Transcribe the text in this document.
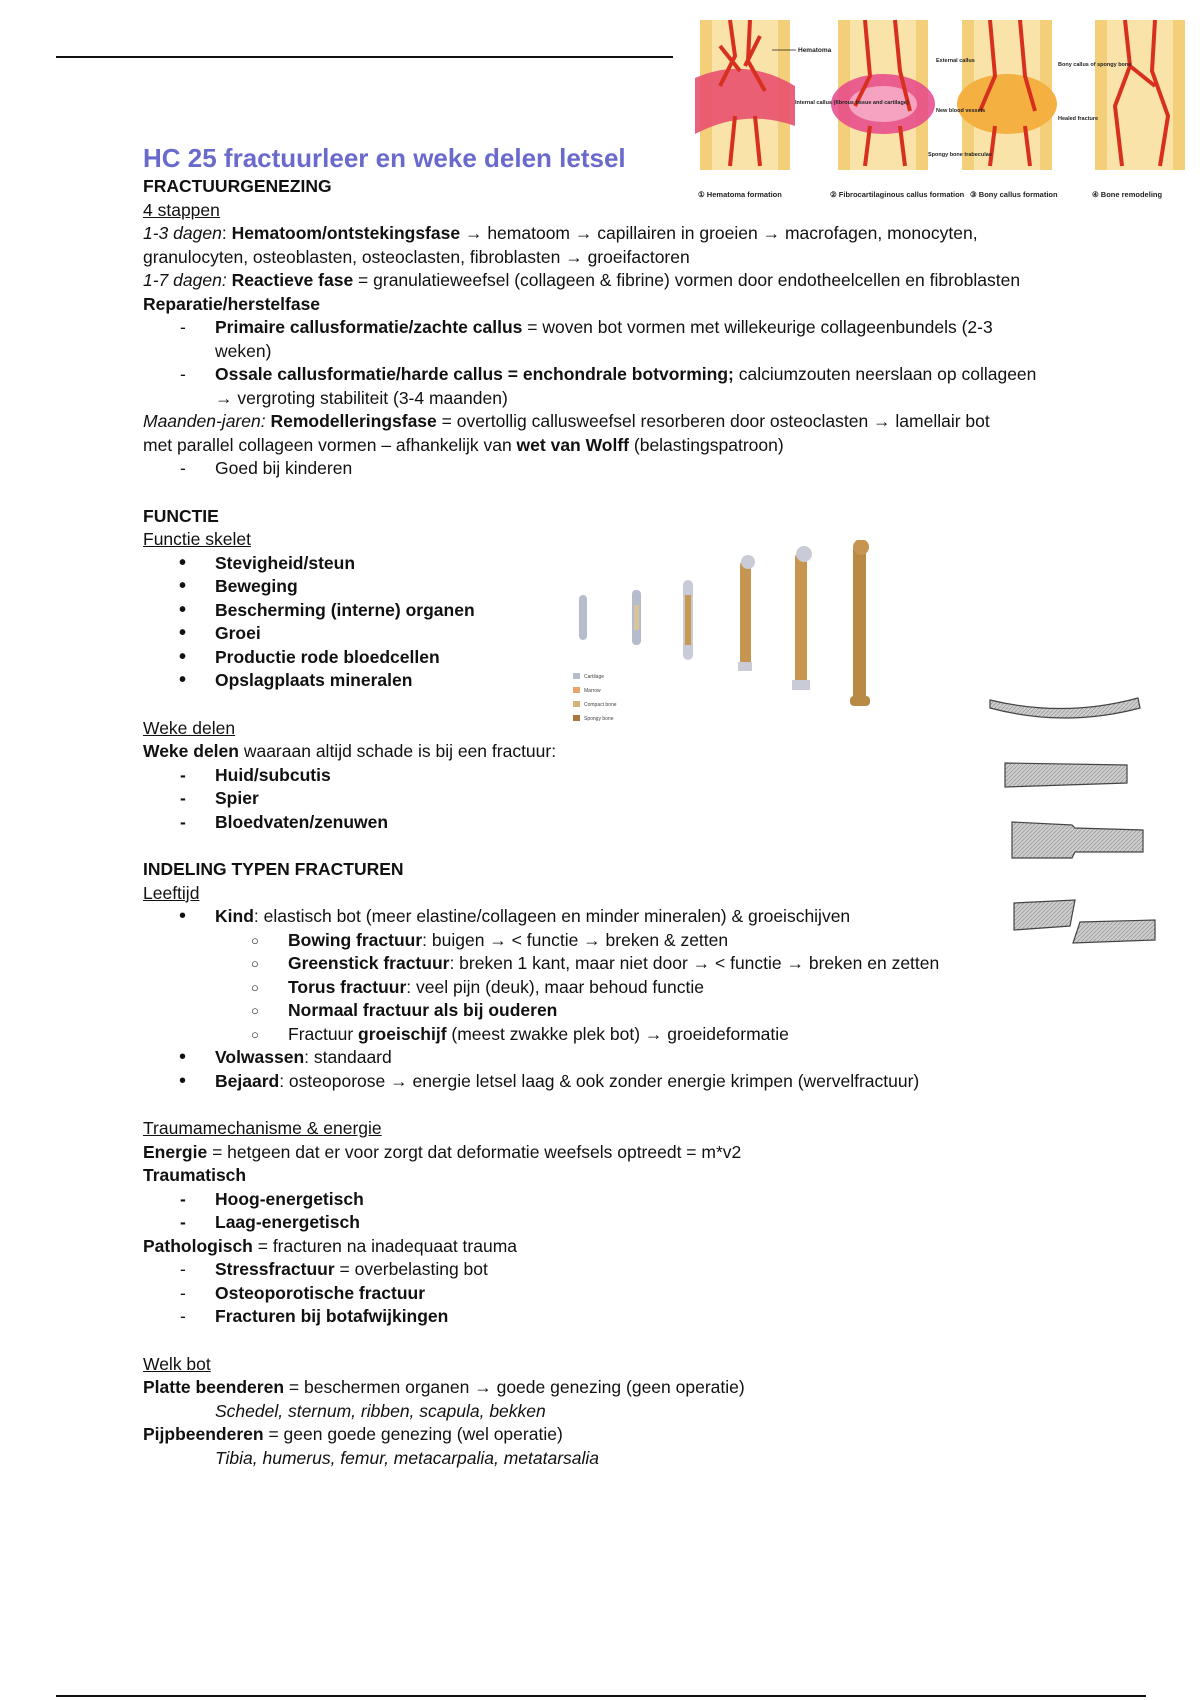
Hematoma
Internal callus (fibrous tissue and cartilage)
External callus
New blood vessels
Spongy bone trabeculae
Bony callus of spongy bone
Healed fracture
① Hematoma formation	② Fibrocartilaginous callus formation ③ Bony callus formation	④ Bone remodeling
Cartilage
Marrow
Compact bone
Spongy bone
HC 25 fractuurleer en weke delen letsel

FRACTUURGENEZING

4 stappen

1-3 dagen: Hematoom/ontstekingsfase → hematoom → capillairen in groeien → macrofagen, monocyten, granulocyten, osteoblasten, osteoclasten, fibroblasten → groeifactoren

1-7 dagen: Reactieve fase = granulatieweefsel (collageen & fibrine) vormen door endotheelcellen en fibroblasten

Reparatie/herstelfase

- Primaire callusformatie/zachte callus = woven bot vormen met willekeurige collageenbundels (2-3 weken)
- Ossale callusformatie/harde callus = enchondrale botvorming; calciumzouten neerslaan op collageen → vergroting stabiliteit (3-4 maanden)

Maanden-jaren: Remodelleringsfase = overtollig callusweefsel resorberen door osteoclasten → lamellair bot met parallel collageen vormen – afhankelijk van wet van Wolff (belastingspatroon)

- Goed bij kinderen

FUNCTIE

Functie skelet

• Stevigheid/steun
• Beweging
• Bescherming (interne) organen
• Groei
• Productie rode bloedcellen
• Opslagplaats mineralen

Weke delen

Weke delen waaraan altijd schade is bij een fractuur:

- Huid/subcutis
- Spier
- Bloedvaten/zenuwen

INDELING TYPEN FRACTUREN

Leeftijd

• Kind: elastisch bot (meer elastine/collageen en minder mineralen) & groeischijven
○ Bowing fractuur: buigen → < functie → breken & zetten
○ Greenstick fractuur: breken 1 kant, maar niet door → < functie → breken en zetten
○ Torus fractuur: veel pijn (deuk), maar behoud functie
○ Normaal fractuur als bij ouderen
○ Fractuur groeischijf (meest zwakke plek bot) → groeideformatie
• Volwassen: standaard
• Bejaard: osteoporose → energie letsel laag & ook zonder energie krimpen (wervelfractuur)

Traumamechanisme & energie

Energie = hetgeen dat er voor zorgt dat deformatie weefsels optreedt = m*v2

Traumatisch

- Hoog-energetisch
- Laag-energetisch

Pathologisch = fracturen na inadequaat trauma

- Stressfractuur = overbelasting bot
- Osteoporotische fractuur
- Fracturen bij botafwijkingen

Welk bot

Platte beenderen = beschermen organen → goede genezing (geen operatie)

Schedel, sternum, ribben, scapula, bekken

Pijpbeenderen = geen goede genezing (wel operatie)

Tibia, humerus, femur, metacarpalia, metatarsalia
